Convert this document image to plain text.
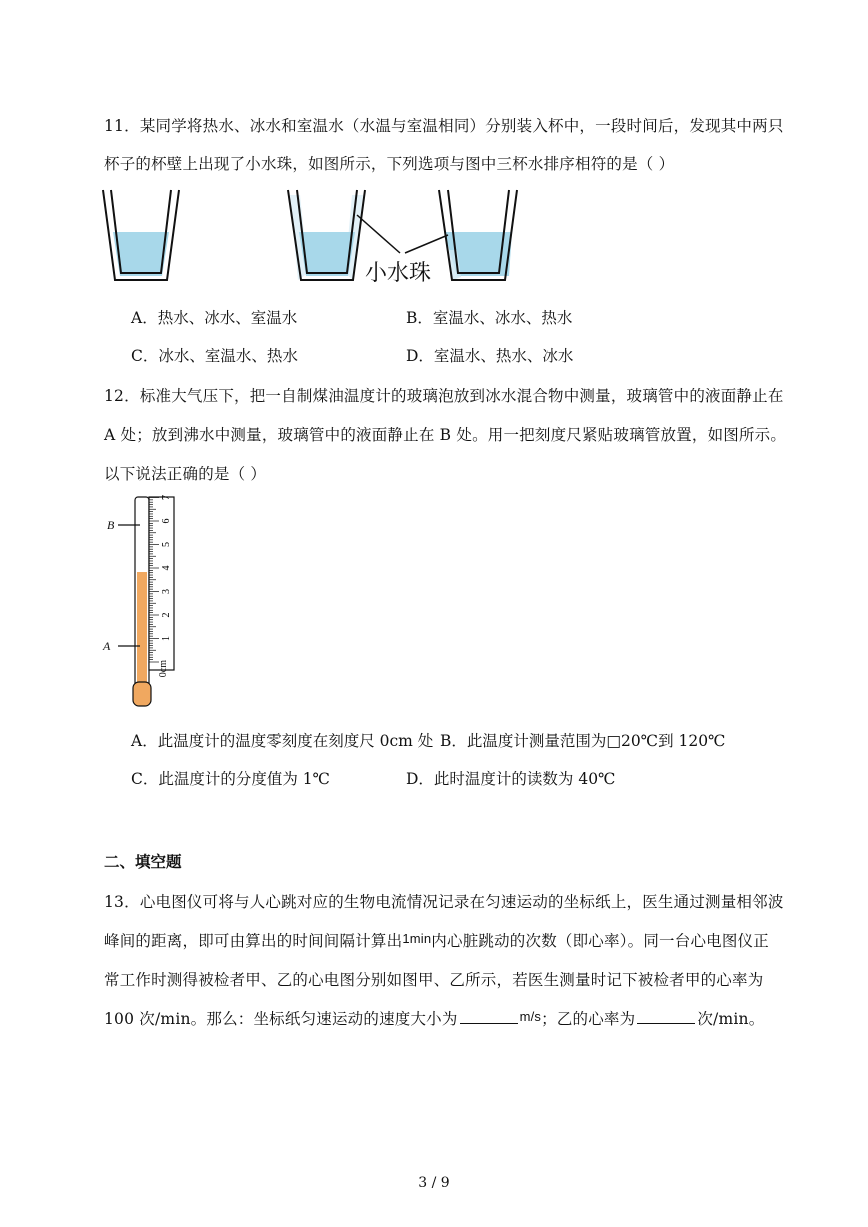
11．某同学将热水、冰水和室温水（水温与室温相同）分别装入杯中，一段时间后，发现其中两只
杯子的杯壁上出现了小水珠，如图所示，下列选项与图中三杯水排序相符的是（ ）
小水珠
A．热水、冰水、室温水	B．室温水、冰水、热水
C．冰水、室温水、热水	D．室温水、热水、冰水
12．标准大气压下，把一自制煤油温度计的玻璃泡放到冰水混合物中测量，玻璃管中的液面静止在
A 处；放到沸水中测量，玻璃管中的液面静止在 B 处。用一把刻度尺紧贴玻璃管放置，如图所示。
以下说法正确的是（ ）
1
2
3
4
5
6
7
0cm
B
A
A．此温度计的温度零刻度在刻度尺 0cm 处 B．此温度计测量范围为□20℃到 120℃
C．此温度计的分度值为 1℃	D．此时温度计的读数为 40℃
二、填空题
13．心电图仪可将与人心跳对应的生物电流情况记录在匀速运动的坐标纸上，医生通过测量相邻波
峰间的距离，即可由算出的时间间隔计算出1min内心脏跳动的次数（即心率）。同一台心电图仪正
常工作时测得被检者甲、乙的心电图分别如图甲、乙所示，若医生测量时记下被检者甲的心率为
100 次/min。那么：坐标纸匀速运动的速度大小为	m/s；乙的心率为	次/min。
3 / 9
